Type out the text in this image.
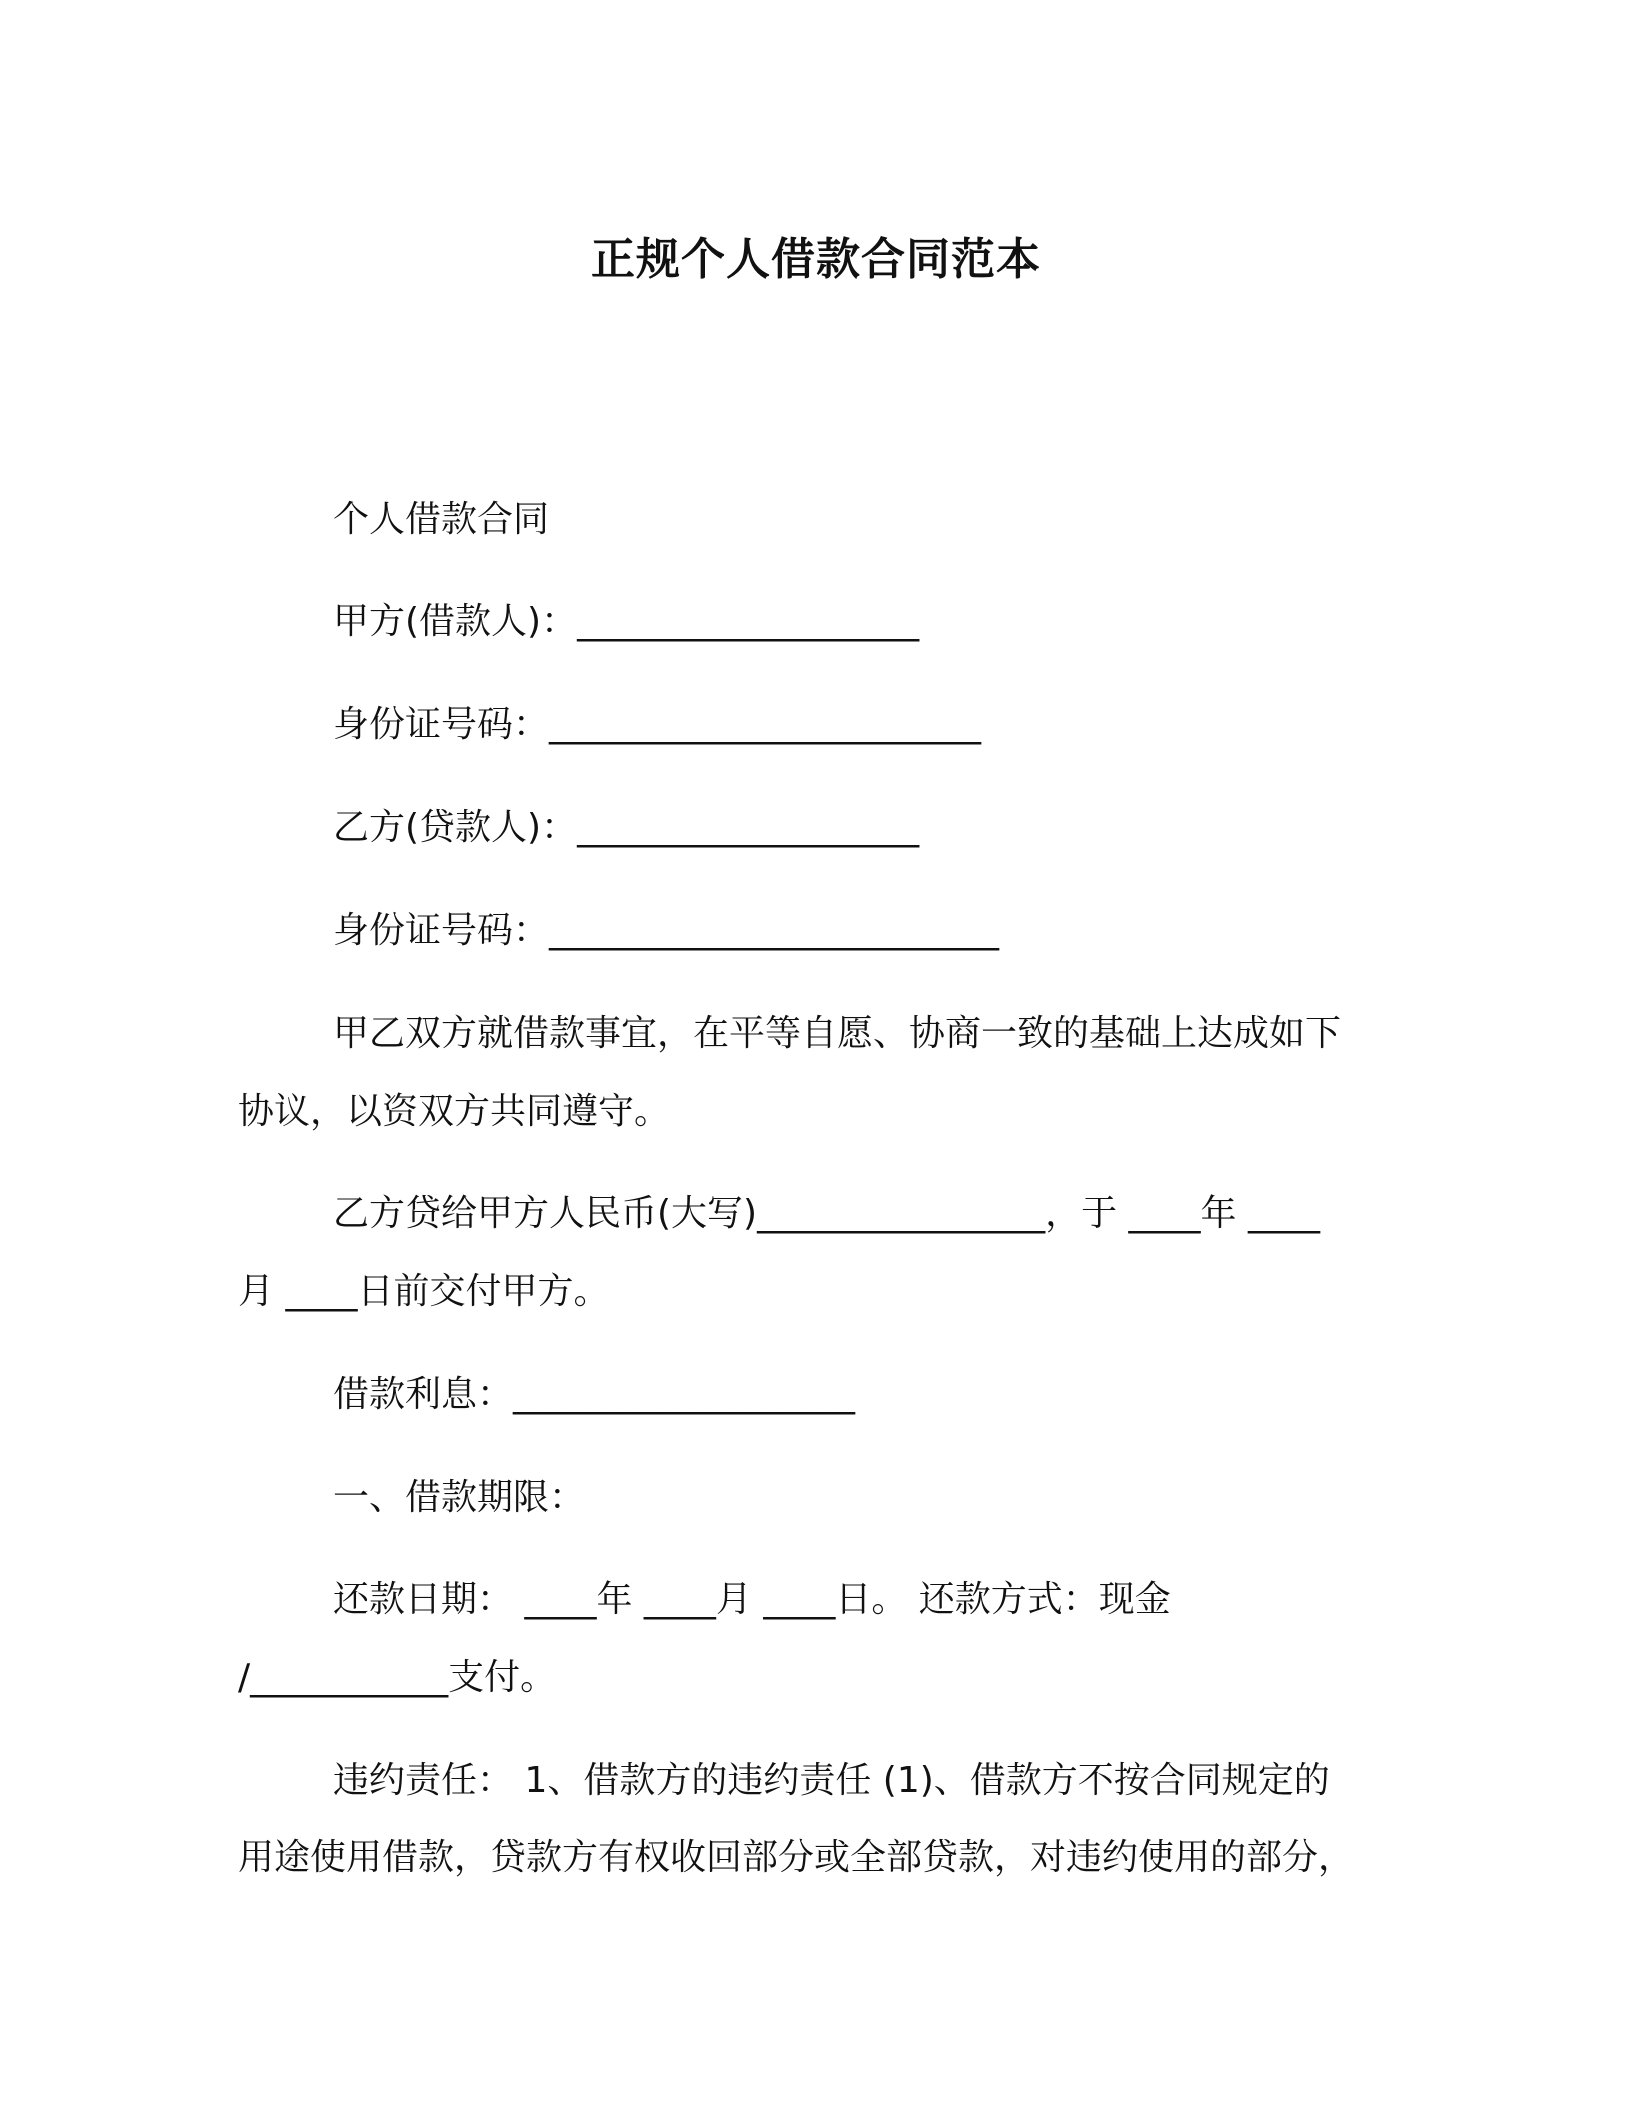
正规个人借款合同范本
个人借款合同
甲方(借款人)：___________________
身份证号码：________________________
乙方(贷款人)：___________________
身份证号码：_________________________
甲乙双方就借款事宜，在平等自愿、协商一致的基础上达成如下
协议，以资双方共同遵守。
乙方贷给甲方人民币(大写)________________，于 ____年 ____
月 ____日前交付甲方。
借款利息：___________________
一、借款期限：
还款日期： ____年 ____月 ____日。 还款方式：现金
/___________支付。
违约责任： 1、借款方的违约责任 (1)、借款方不按合同规定的
用途使用借款，贷款方有权收回部分或全部贷款，对违约使用的部分，
